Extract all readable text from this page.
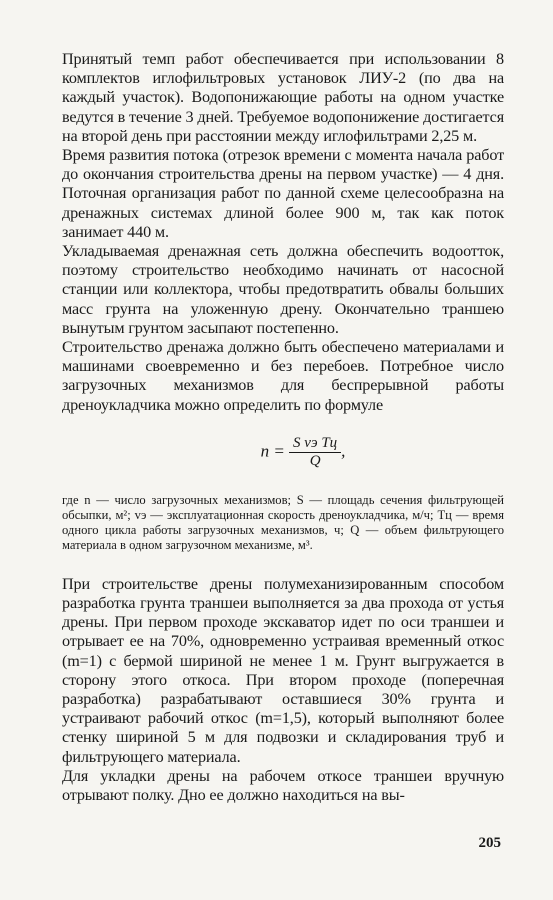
Принятый темп работ обеспечивается при использовании 8 комплектов иглофильтровых установок ЛИУ-2 (по два на каждый участок). Водопонижающие работы на одном участке ведутся в течение 3 дней. Требуемое водопонижение достигается на второй день при расстоянии между иглофильтрами 2,25 м.

Время развития потока (отрезок времени с момента начала работ до окончания строительства дрены на первом участке) — 4 дня. Поточная организация работ по данной схеме целесообразна на дренажных системах длиной более 900 м, так как поток занимает 440 м.

Укладываемая дренажная сеть должна обеспечить водоотток, поэтому строительство необходимо начинать от насосной станции или коллектора, чтобы предотвратить обвалы больших масс грунта на уложенную дрену. Окончательно траншею вынутым грунтом засыпают постепенно.

Строительство дренажа должно быть обеспечено материалами и машинами своевременно и без перебоев. Потребное число загрузочных механизмов для беспрерывной работы дреноукладчика можно определить по формуле

$n = \frac{\text{S vэ Tц}}{Q}$ ,

где n — число загрузочных механизмов; S — площадь сечения фильтрующей обсыпки, м²; vэ — эксплуатационная скорость дреноукладчика, м/ч; Tц — время одного цикла работы загрузочных механизмов, ч; Q — объем фильтрующего материала в одном загрузочном механизме, м³.

При строительстве дрены полумеханизированным способом разработка грунта траншеи выполняется за два прохода от устья дрены. При первом проходе экскаватор идет по оси траншеи и отрывает ее на 70%, одновременно устраивая временный откос (m=1) с бермой шириной не менее 1 м. Грунт выгружается в сторону этого откоса. При втором проходе (поперечная разработка) разрабатывают оставшиеся 30% грунта и устраивают рабочий откос (m=1,5), который выполняют более стенку шириной 5 м для подвозки и складирования труб и фильтрующего материала.

Для укладки дрены на рабочем откосе траншеи вручную отрывают полку. Дно ее должно находиться на вы-

205
